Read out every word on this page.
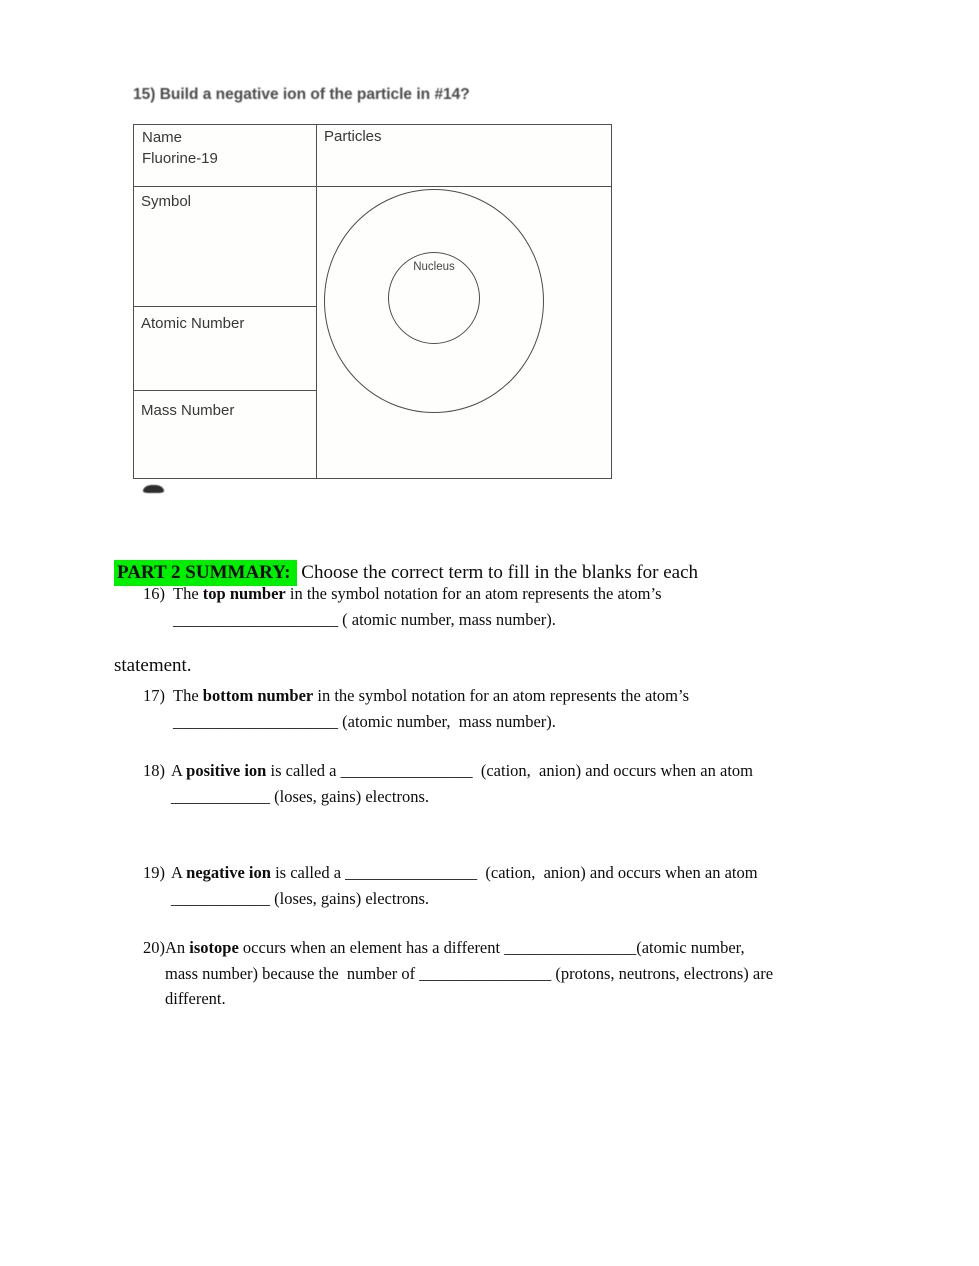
15) Build a negative ion of the particle in #14?
Name
Fluorine-19
Particles
Symbol
Atomic Number
Mass Number
Nucleus

PART 2 SUMMARY: Choose the correct term to fill in the blanks for each

statement.

16) The top number in the symbol notation for an atom represents the atom’s
____________________ ( atomic number, mass number).
17) The bottom number in the symbol notation for an atom represents the atom’s
____________________ (atomic number,  mass number).
18) A positive ion is called a ________________  (cation,  anion) and occurs when an atom
____________ (loses, gains) electrons.
19) A negative ion is called a ________________  (cation,  anion) and occurs when an atom
____________ (loses, gains) electrons.
20)An isotope occurs when an element has a different ________________(atomic number,
mass number) because the  number of ________________ (protons, neutrons, electrons) are
different.
